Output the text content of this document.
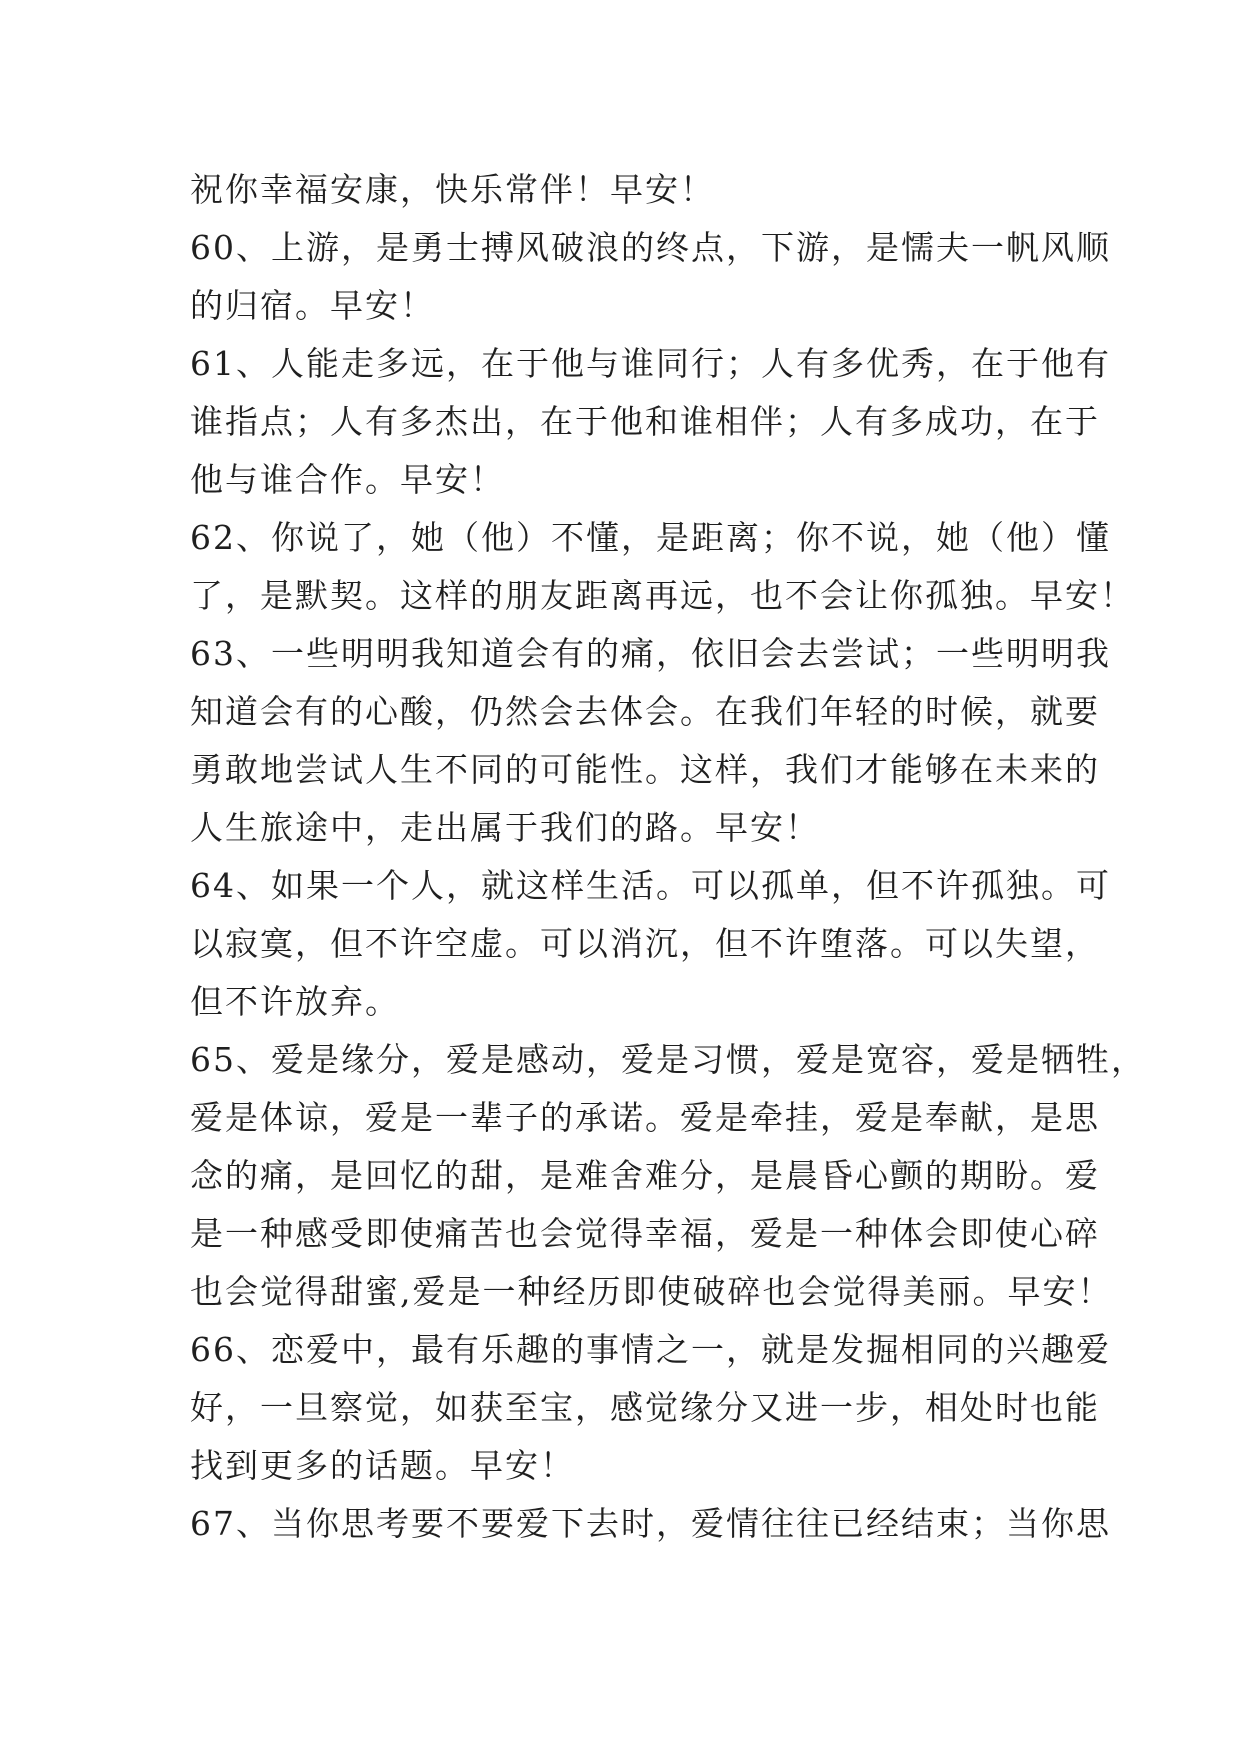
祝你幸福安康，快乐常伴！早安！
60、上游，是勇士搏风破浪的终点，下游，是懦夫一帆风顺
的归宿。早安！
61、人能走多远，在于他与谁同行；人有多优秀，在于他有
谁指点；人有多杰出，在于他和谁相伴；人有多成功，在于
他与谁合作。早安！
62、你说了，她（他）不懂，是距离；你不说，她（他）懂
了，是默契。这样的朋友距离再远，也不会让你孤独。早安！
63、一些明明我知道会有的痛，依旧会去尝试；一些明明我
知道会有的心酸，仍然会去体会。在我们年轻的时候，就要
勇敢地尝试人生不同的可能性。这样，我们才能够在未来的
人生旅途中，走出属于我们的路。早安！
64、如果一个人，就这样生活。可以孤单，但不许孤独。可
以寂寞，但不许空虚。可以消沉，但不许堕落。可以失望，
但不许放弃。
65、爱是缘分，爱是感动，爱是习惯，爱是宽容，爱是牺牲，
爱是体谅，爱是一辈子的承诺。爱是牵挂，爱是奉献，是思
念的痛，是回忆的甜，是难舍难分，是晨昏心颤的期盼。爱
是一种感受即使痛苦也会觉得幸福，爱是一种体会即使心碎
也会觉得甜蜜,爱是一种经历即使破碎也会觉得美丽。早安！
66、恋爱中，最有乐趣的事情之一，就是发掘相同的兴趣爱
好，一旦察觉，如获至宝，感觉缘分又进一步，相处时也能
找到更多的话题。早安！
67、当你思考要不要爱下去时，爱情往往已经结束；当你思
